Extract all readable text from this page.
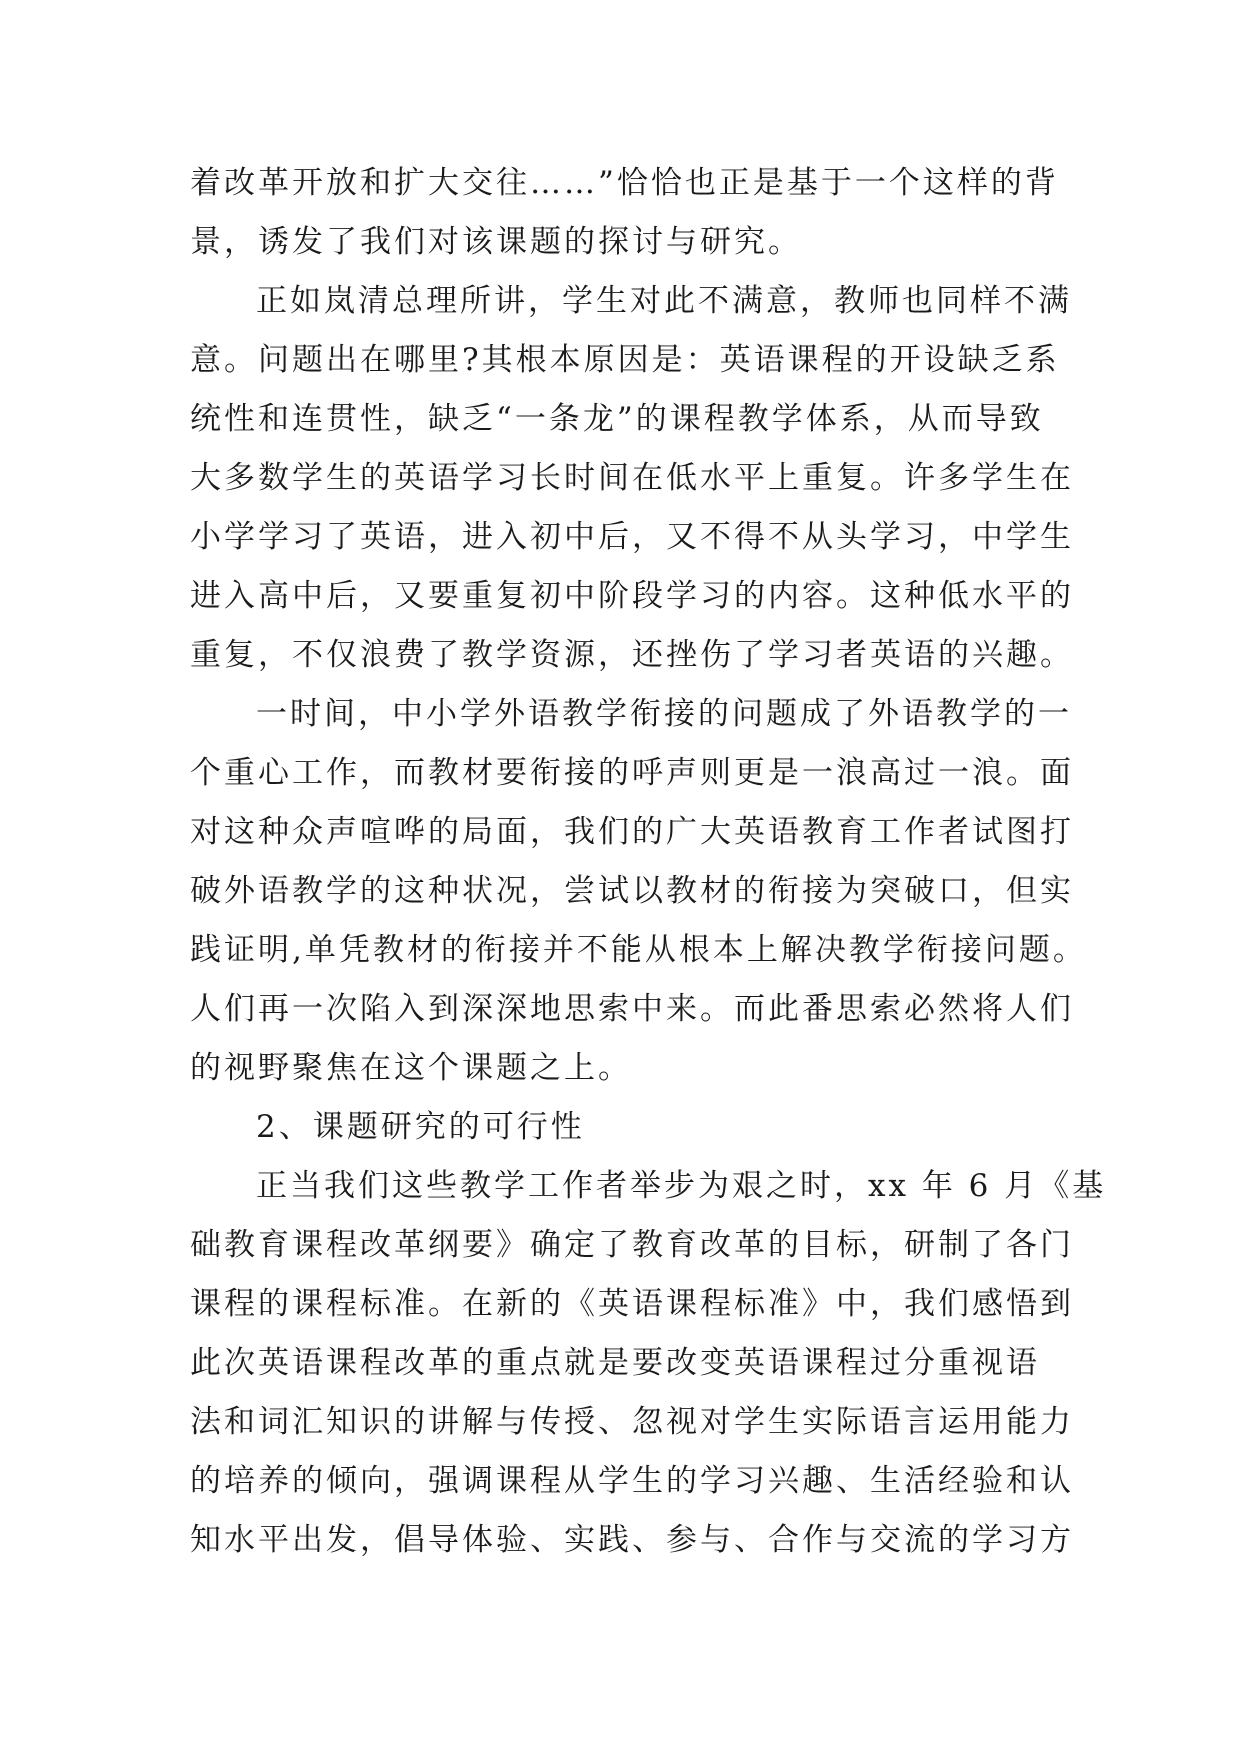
着改革开放和扩大交往……”恰恰也正是基于一个这样的背
景，诱发了我们对该课题的探讨与研究。
正如岚清总理所讲，学生对此不满意，教师也同样不满
意。问题出在哪里?其根本原因是：英语课程的开设缺乏系
统性和连贯性，缺乏“一条龙”的课程教学体系，从而导致
大多数学生的英语学习长时间在低水平上重复。许多学生在
小学学习了英语，进入初中后，又不得不从头学习，中学生
进入高中后，又要重复初中阶段学习的内容。这种低水平的
重复，不仅浪费了教学资源，还挫伤了学习者英语的兴趣。
一时间，中小学外语教学衔接的问题成了外语教学的一
个重心工作，而教材要衔接的呼声则更是一浪高过一浪。面
对这种众声喧哗的局面，我们的广大英语教育工作者试图打
破外语教学的这种状况，尝试以教材的衔接为突破口，但实
践证明,单凭教材的衔接并不能从根本上解决教学衔接问题。
人们再一次陷入到深深地思索中来。而此番思索必然将人们
的视野聚焦在这个课题之上。
2、课题研究的可行性
正当我们这些教学工作者举步为艰之时，xx 年 6 月《基
础教育课程改革纲要》确定了教育改革的目标，研制了各门
课程的课程标准。在新的《英语课程标准》中，我们感悟到
此次英语课程改革的重点就是要改变英语课程过分重视语
法和词汇知识的讲解与传授、忽视对学生实际语言运用能力
的培养的倾向，强调课程从学生的学习兴趣、生活经验和认
知水平出发，倡导体验、实践、参与、合作与交流的学习方
